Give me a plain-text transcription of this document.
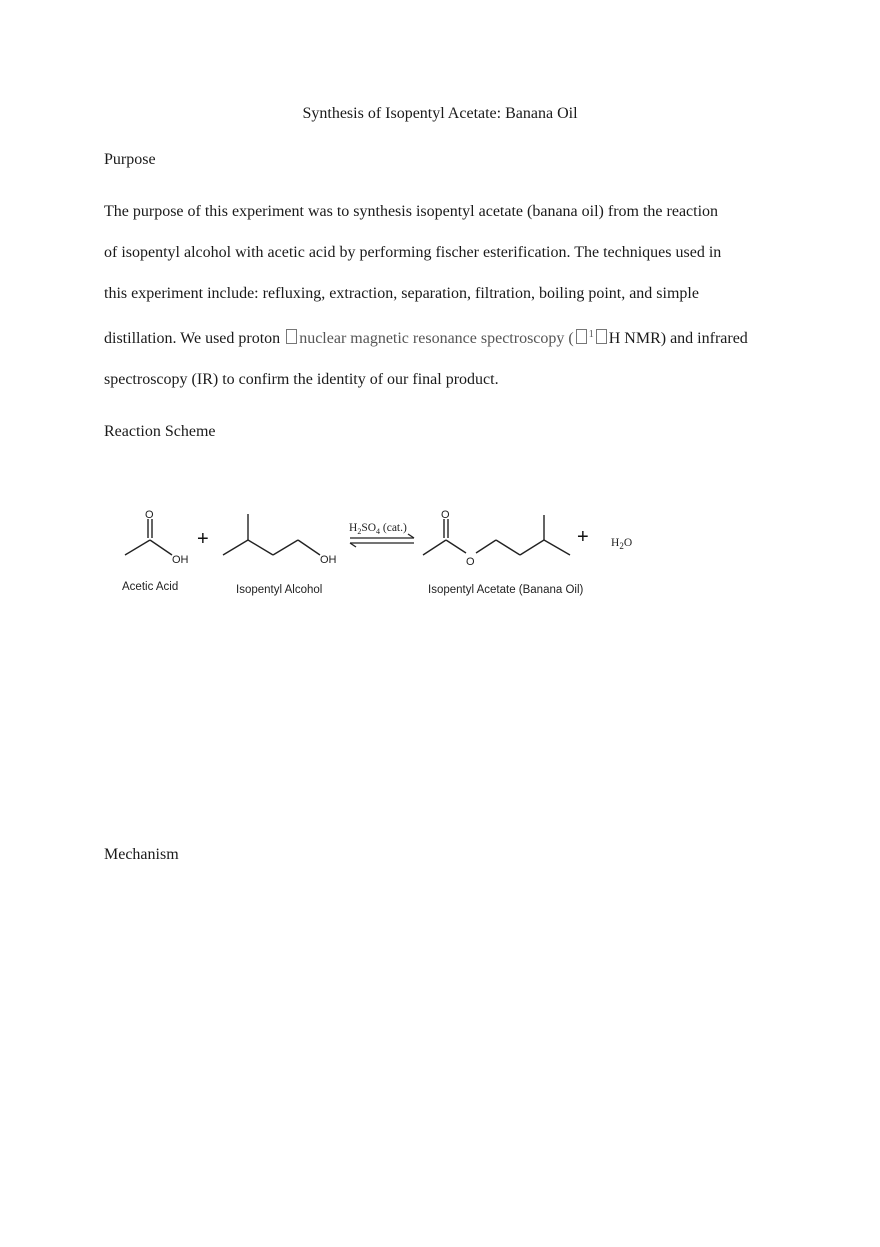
Synthesis of Isopentyl Acetate: Banana Oil
Purpose
The purpose of this experiment was to synthesis isopentyl acetate (banana oil) from the reaction
of isopentyl alcohol with acetic acid by performing fischer esterification. The techniques used in
this experiment include: refluxing, extraction, separation, filtration, boiling point, and simple
distillation. We used proton nuclear magnetic resonance spectroscopy ( $^1$ H NMR) and infrared
spectroscopy (IR) to confirm the identity of our final product.
Reaction Scheme
O
OH
Acetic Acid
+
OH
Isopentyl Alcohol
$H_2SO_4$ (cat.)
O
O
Isopentyl Acetate (Banana Oil)
+ $H_2O$
Mechanism
